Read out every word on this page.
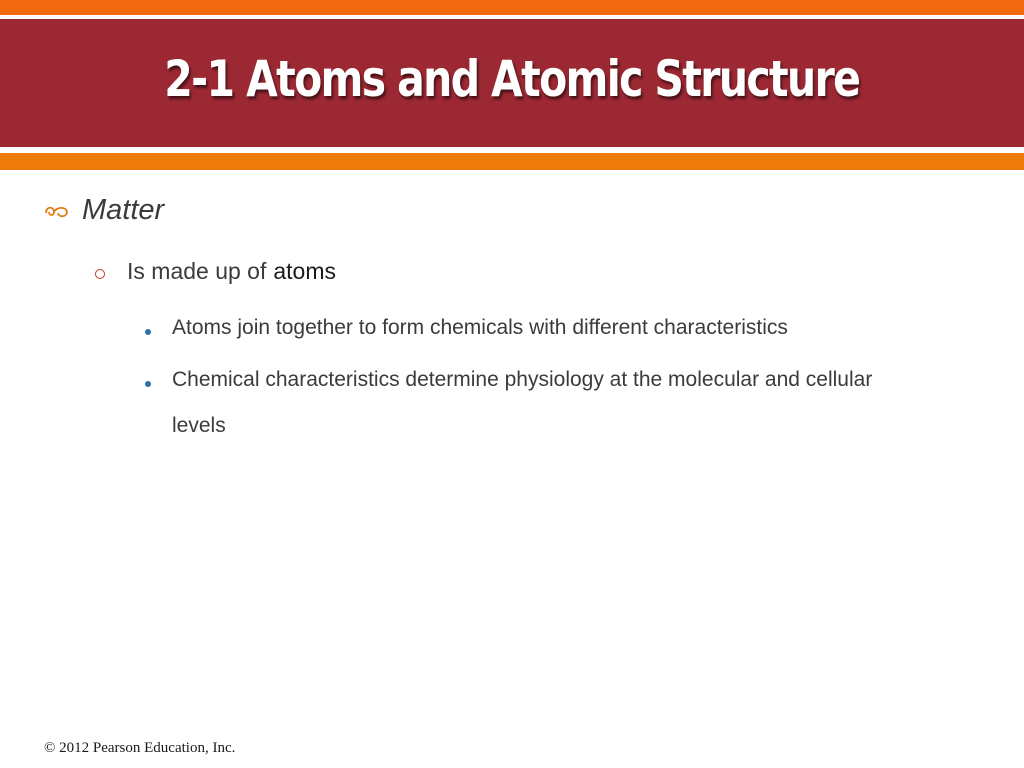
2-1 Atoms and Atomic Structure
Matter
Is made up of atoms
Atoms join together to form chemicals with different characteristics
Chemical characteristics determine physiology at the molecular and cellular levels
© 2012 Pearson Education, Inc.
